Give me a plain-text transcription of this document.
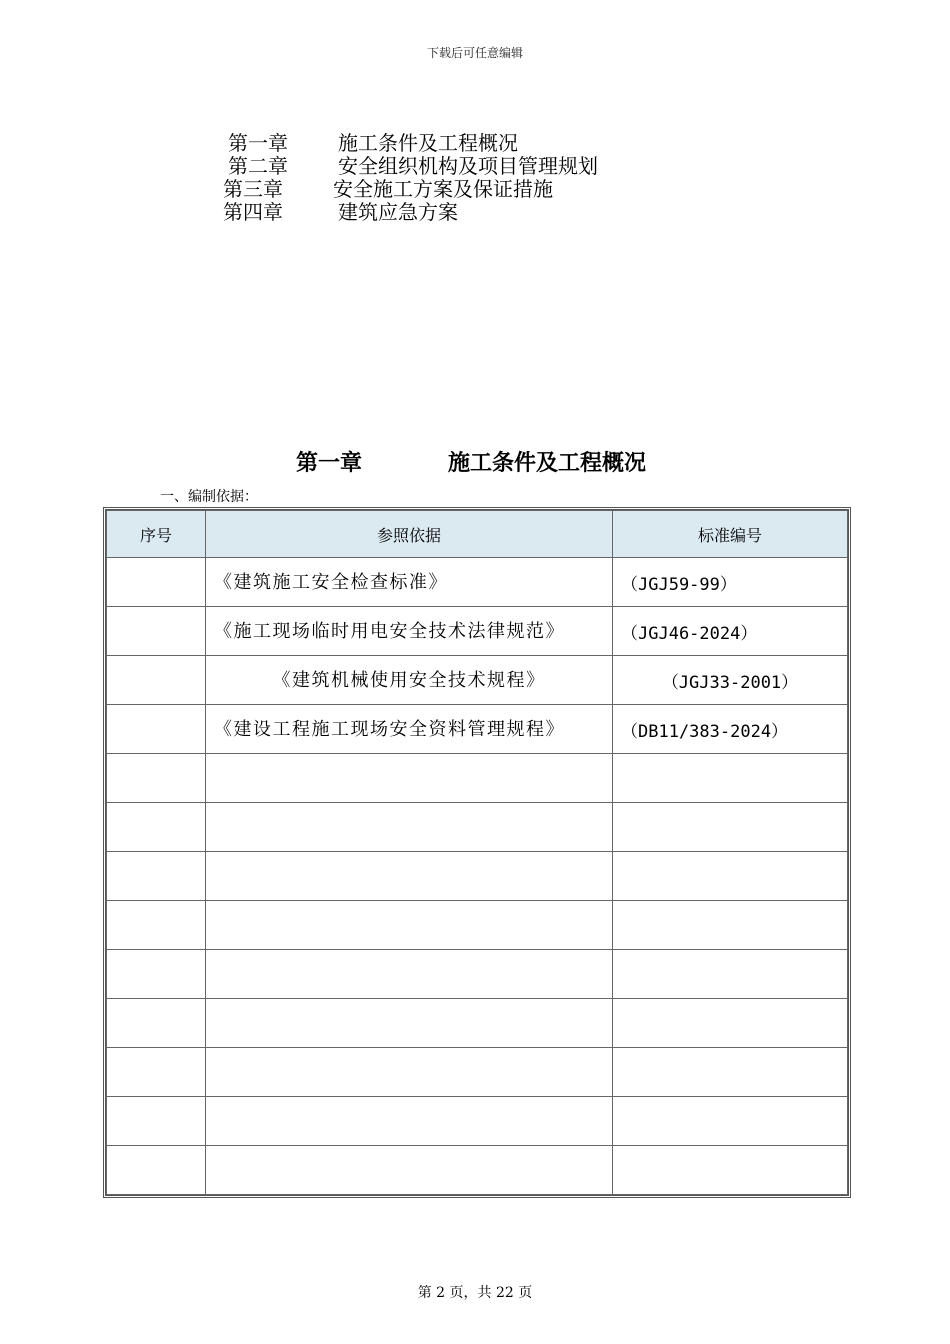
下载后可任意编辑
第一章	施工条件及工程概况
第二章	安全组织机构及项目管理规划
第三章	安全施工方案及保证措施
第四章	建筑应急方案
第一章	施工条件及工程概况
一、编制依据：
序号	参照依据	标准编号
	《建筑施工安全检查标准》	（JGJ59-99）
	《施工现场临时用电安全技术法律规范》	（JGJ46-2024）
	《建筑机械使用安全技术规程》	（JGJ33-2001）
	《建设工程施工现场安全资料管理规程》	（DB11/383-2024）

第 2 页，共 22 页
